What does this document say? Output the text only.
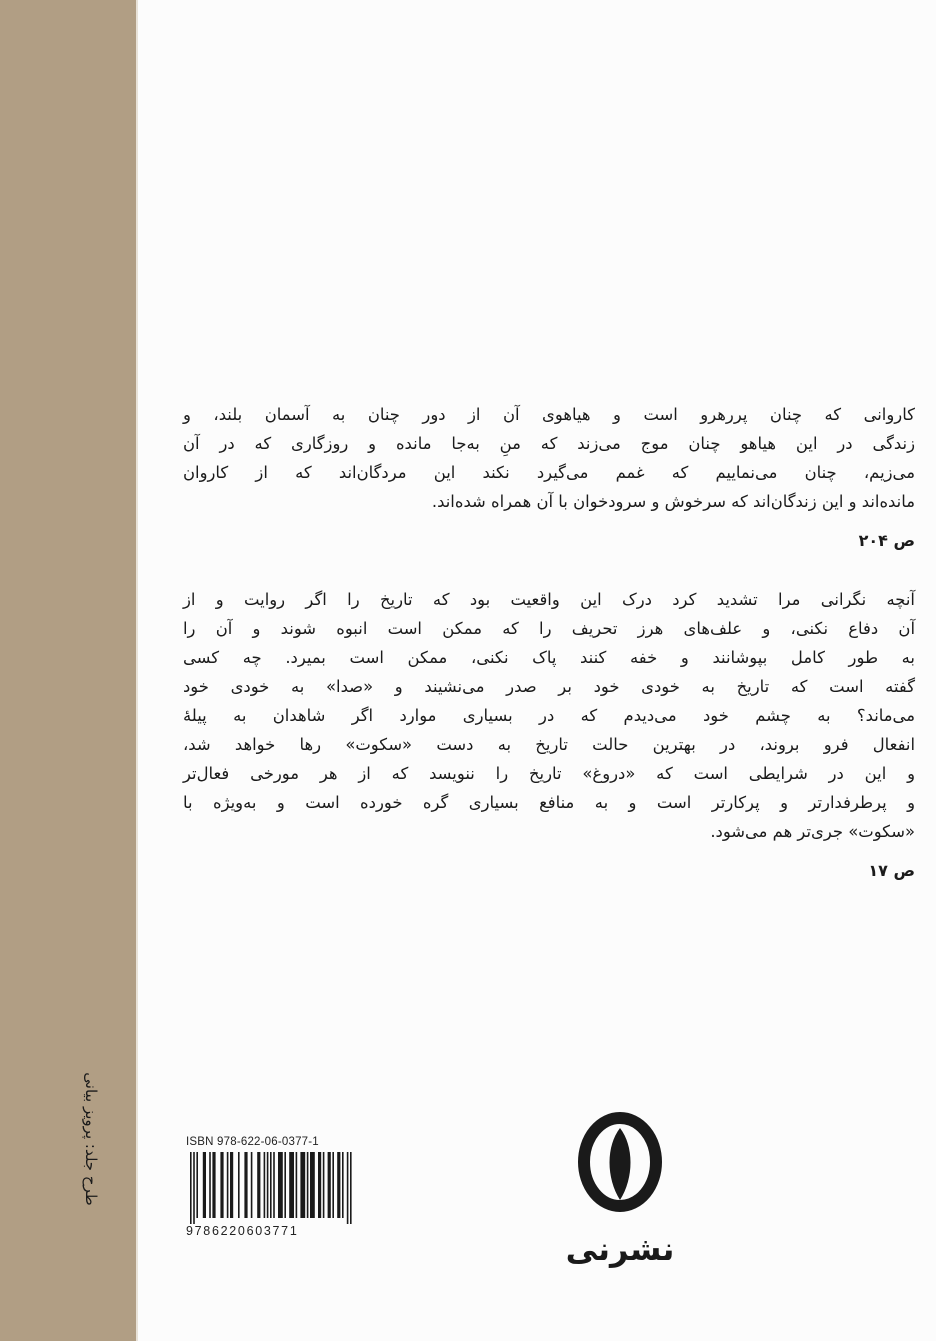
طرح جلد: پرویز بیانی
کاروانی که چنان پررهرو است و هیاهوی آن از دور چنان به آسمان بلند، و
زندگی در این هیاهو چنان موج می‌زند که منِ به‌جا مانده و روزگاری که در آن
می‌زیم، چنان می‌نماییم که غمم می‌گیرد نکند این مردگان‌اند که از کاروان
مانده‌اند و این زندگان‌اند که سرخوش و سرودخوان با آن همراه شده‌اند.
ص ۲۰۴
آنچه نگرانی مرا تشدید کرد درک این واقعیت بود که تاریخ را اگر روایت و از
آن دفاع نکنی، و علف‌های هرز تحریف را که ممکن است انبوه شوند و آن را
به طور کامل بپوشانند و خفه کنند پاک نکنی، ممکن است بمیرد. چه کسی
گفته است که تاریخ به خودی خود بر صدر می‌نشیند و «صدا» به خودی خود
می‌ماند؟ به چشم خود می‌دیدم که در بسیاری موارد اگر شاهدان به پیلهٔ
انفعال فرو بروند، در بهترین حالت تاریخ به دست «سکوت» رها خواهد شد،
و این در شرایطی است که «دروغ» تاریخ را ننویسد که از هر مورخی فعال‌تر
و پرطرفدارتر و پرکارتر است و به منافع بسیاری گره خورده است و به‌ویژه با
«سکوت» جری‌تر هم می‌شود.
ص ۱۷
ISBN 978-622-06-0377-1
9786220603771	نشرنی
